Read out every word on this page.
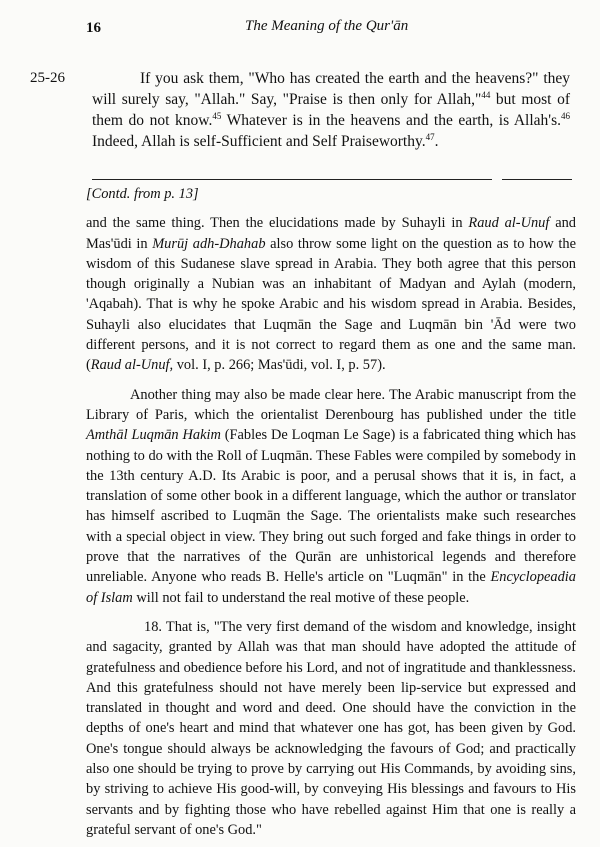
16	The Meaning of the Qur'ān
25-26	If you ask them, "Who has created the earth and the heavens?" they will surely say, "Allah." Say, "Praise is then only for Allah,"$^{44}$ but most of them do not know.$^{45}$ Whatever is in the heavens and the earth, is Allah's.$^{46}$ Indeed, Allah is self-Sufficient and Self Praiseworthy.$^{47}$.

[Contd. from p. 13]

and the same thing. Then the elucidations made by Suhayli in Raud al-Unuf and Mas'ūdi in Murūj adh-Dhahab also throw some light on the question as to how the wisdom of this Sudanese slave spread in Arabia. They both agree that this person though originally a Nubian was an inhabitant of Madyan and Aylah (modern, 'Aqabah). That is why he spoke Arabic and his wisdom spread in Arabia. Besides, Suhayli also elucidates that Luqmān the Sage and Luqmān bin 'Ād were two different persons, and it is not correct to regard them as one and the same man. (Raud al-Unuf, vol. I, p. 266; Mas'ūdi, vol. I, p. 57).

Another thing may also be made clear here. The Arabic manuscript from the Library of Paris, which the orientalist Derenbourg has published under the title Amthāl Luqmān Hakim (Fables De Loqman Le Sage) is a fabricated thing which has nothing to do with the Roll of Luqmān. These Fables were compiled by somebody in the 13th century A.D. Its Arabic is poor, and a perusal shows that it is, in fact, a translation of some other book in a different language, which the author or translator has himself ascribed to Luqmān the Sage. The orientalists make such researches with a special object in view. They bring out such forged and fake things in order to prove that the narratives of the Qurān are unhistorical legends and therefore unreliable. Anyone who reads B. Helle's article on "Luqmān" in the Encyclopeadia of Islam will not fail to understand the real motive of these people.

18. That is, "The very first demand of the wisdom and knowledge, insight and sagacity, granted by Allah was that man should have adopted the attitude of gratefulness and obedience before his Lord, and not of ingratitude and thanklessness. And this gratefulness should not have merely been lip-service but expressed and translated in thought and word and deed. One should have the conviction in the depths of one's heart and mind that whatever one has got, has been given by God. One's tongue should always be acknowledging the favours of God; and practically also one should be trying to prove by carrying out His Commands, by avoiding sins, by striving to achieve His good-will, by conveying His blessings and favours to His servants and by fighting those who have rebelled against Him that one is really a grateful servant of one's God."
